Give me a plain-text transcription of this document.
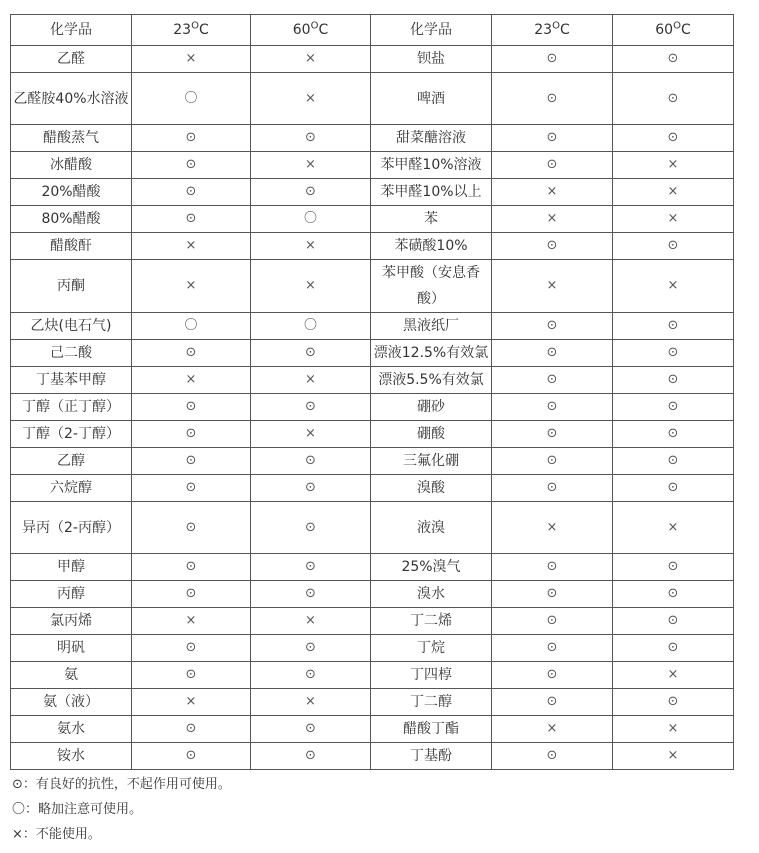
化学品	$23^OC$	$60^OC$	化学品	$23^OC$	$60^OC$
乙醛	×	×	钡盐	⊙	⊙
乙醛胺40%水溶液	〇	×	啤酒	⊙	⊙
醋酸蒸气	⊙	⊙	甜菜醣溶液	⊙	⊙
冰醋酸	⊙	×	苯甲醛10%溶液	⊙	×
20%醋酸	⊙	⊙	苯甲醛10%以上	×	×
80%醋酸	⊙	〇	苯	×	×
醋酸酐	×	×	苯磺酸10%	⊙	⊙
丙酮	×	×	苯甲酸（安息香酸）	×	×
乙炔(电石气)	〇	〇	黑液纸厂	⊙	⊙
己二酸	⊙	⊙	漂液12.5%有效氯	⊙	⊙
丁基苯甲醇	×	×	漂液5.5%有效氯	⊙	⊙
丁醇（正丁醇）	⊙	⊙	硼砂	⊙	⊙
丁醇（2-丁醇）	⊙	×	硼酸	⊙	⊙
乙醇	⊙	⊙	三氟化硼	⊙	⊙
六烷醇	⊙	⊙	溴酸	⊙	⊙
异丙（2-丙醇）	⊙	⊙	液溴	×	×
甲醇	⊙	⊙	25%溴气	⊙	⊙
丙醇	⊙	⊙	溴水	⊙	⊙
氯丙烯	×	×	丁二烯	⊙	⊙
明矾	⊙	⊙	丁烷	⊙	⊙
氨	⊙	⊙	丁四椁	⊙	×
氨（液）	×	×	丁二醇	⊙	⊙
氨水	⊙	⊙	醋酸丁酯	×	×
铵水	⊙	⊙	丁基酚	⊙	×
⊙：有良好的抗性，不起作用可使用。
〇：略加注意可使用。
×：不能使用。
